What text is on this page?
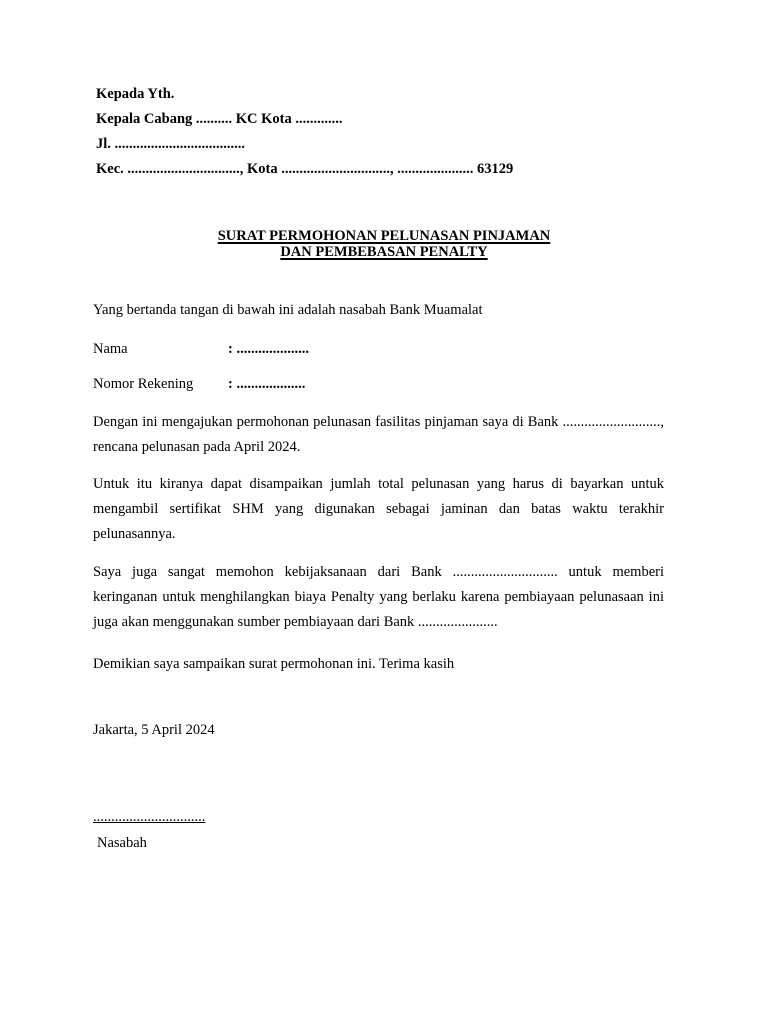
Kepada Yth.
Kepala Cabang .......... KC Kota .............
Jl. ....................................
Kec. ..............................., Kota .............................., ..................... 63129
SURAT PERMOHONAN PELUNASAN PINJAMAN
DAN PEMBEBASAN PENALTY
Yang bertanda tangan di bawah ini adalah nasabah Bank Muamalat
Nama	: ....................
Nomor Rekening : ...................
Dengan ini mengajukan permohonan pelunasan fasilitas pinjaman saya di Bank ..........................., rencana pelunasan pada April 2024.
Untuk itu kiranya dapat disampaikan jumlah total pelunasan yang harus di bayarkan untuk mengambil sertifikat SHM yang digunakan sebagai jaminan dan batas waktu terakhir pelunasannya.
Saya juga sangat memohon kebijaksanaan dari Bank ............................. untuk memberi keringanan untuk menghilangkan biaya Penalty yang berlaku karena pembiayaan pelunasaan ini juga akan menggunakan sumber pembiayaan dari Bank ......................
Demikian saya sampaikan surat permohonan ini. Terima kasih
Jakarta, 5 April 2024
...............................
Nasabah
